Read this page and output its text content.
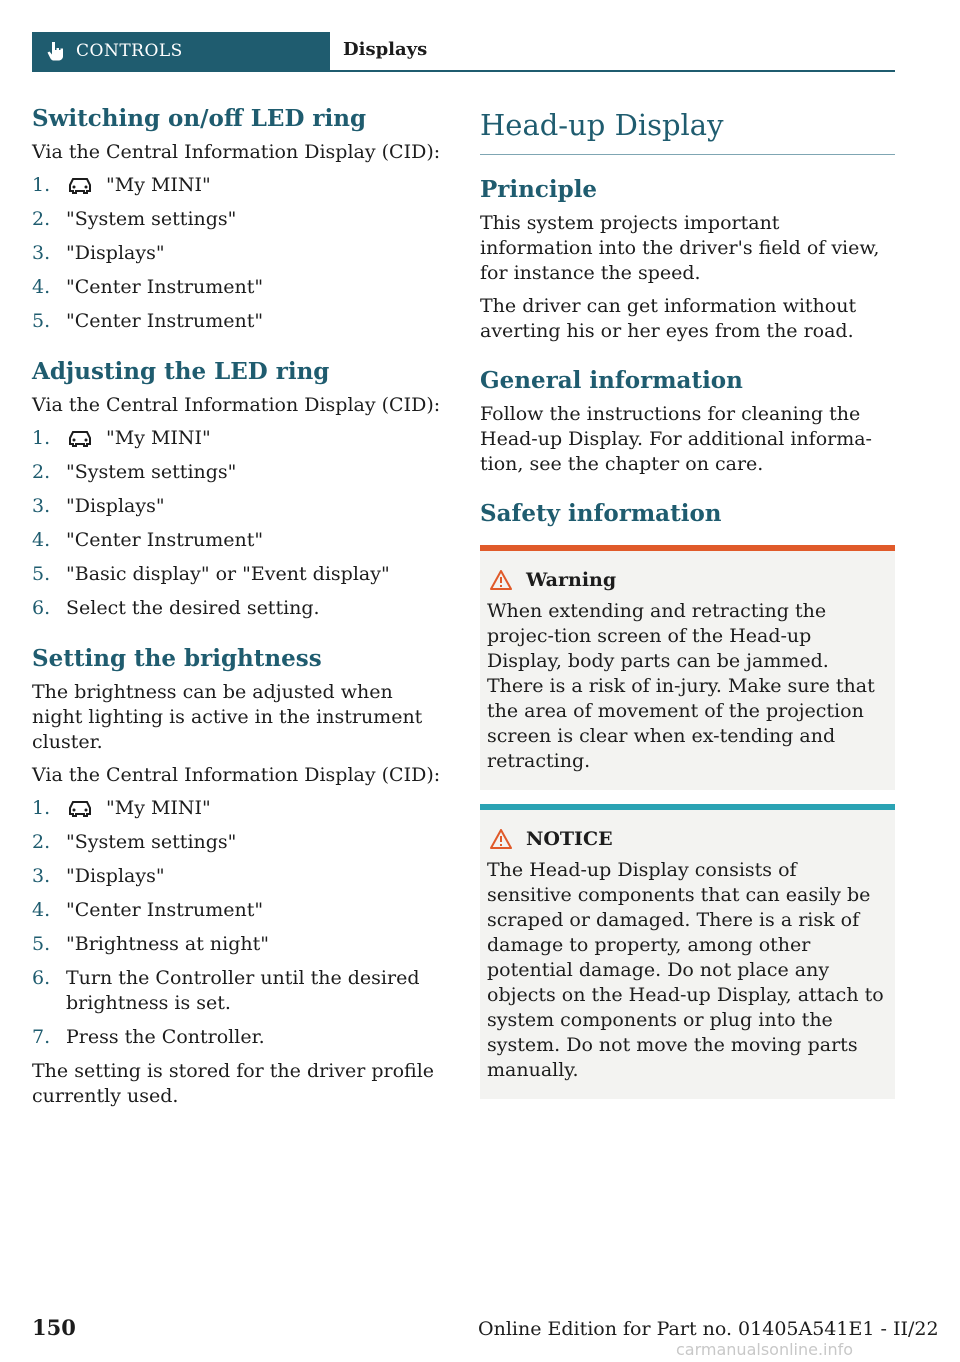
CONTROLS	Displays
Switching on/off LED ring

Via the Central Information Display (CID):

1.	"My MINI"
2. "System settings"
3. "Displays"
4. "Center Instrument"
5. "Center Instrument"
Adjusting the LED ring

Via the Central Information Display (CID):

1.	"My MINI"
2. "System settings"
3. "Displays"
4. "Center Instrument"
5. "Basic display" or "Event display"
6. Select the desired setting.
Setting the brightness

The brightness can be adjusted when night lighting is active in the instrument cluster.

Via the Central Information Display (CID):

1.	"My MINI"
2. "System settings"
3. "Displays"
4. "Center Instrument"
5. "Brightness at night"
6. Turn the Controller until the desired brightness is set.
7. Press the Controller.

The setting is stored for the driver profile currently used.

Head-up Display
Principle

This system projects important information into the driver's field of view, for instance the speed.

The driver can get information without averting his or her eyes from the road.

General information

Follow the instructions for cleaning the Head-up Display. For additional informa-tion, see the chapter on care.

Safety information
Warning

When extending and retracting the projec-tion screen of the Head-up Display, body parts can be jammed. There is a risk of in-jury. Make sure that the area of movement of the projection screen is clear when ex-tending and retracting.

NOTICE

The Head-up Display consists of sensitive components that can easily be scraped or damaged. There is a risk of damage to property, among other potential damage. Do not place any objects on the Head-up Display, attach to system components or plug into the system. Do not move the moving parts manually.

150	Online Edition for Part no. 01405A541E1 - II/22
carmanualsonline.info
